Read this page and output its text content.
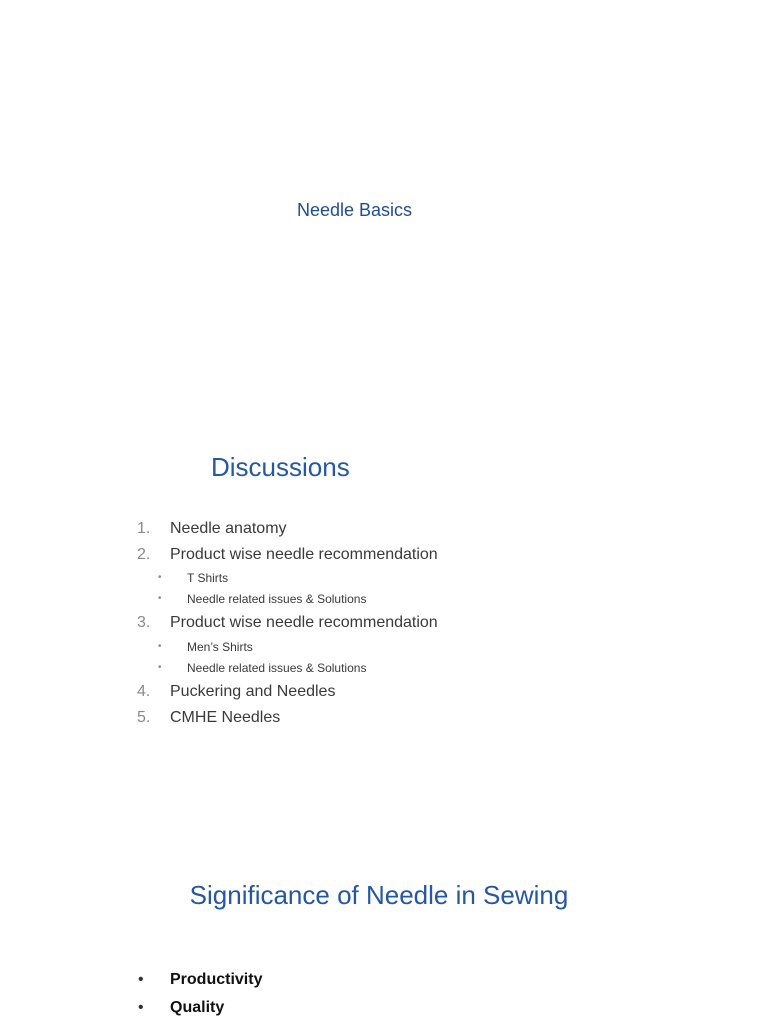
Needle Basics
Discussions
1.	Needle anatomy
2.	Product wise needle recommendation
• T Shirts
• Needle related issues & Solutions
3.	Product wise needle recommendation
• Men’s Shirts
• Needle related issues & Solutions
4.	Puckering and Needles
5.	CMHE Needles
Significance of Needle in Sewing
• Productivity
• Quality
